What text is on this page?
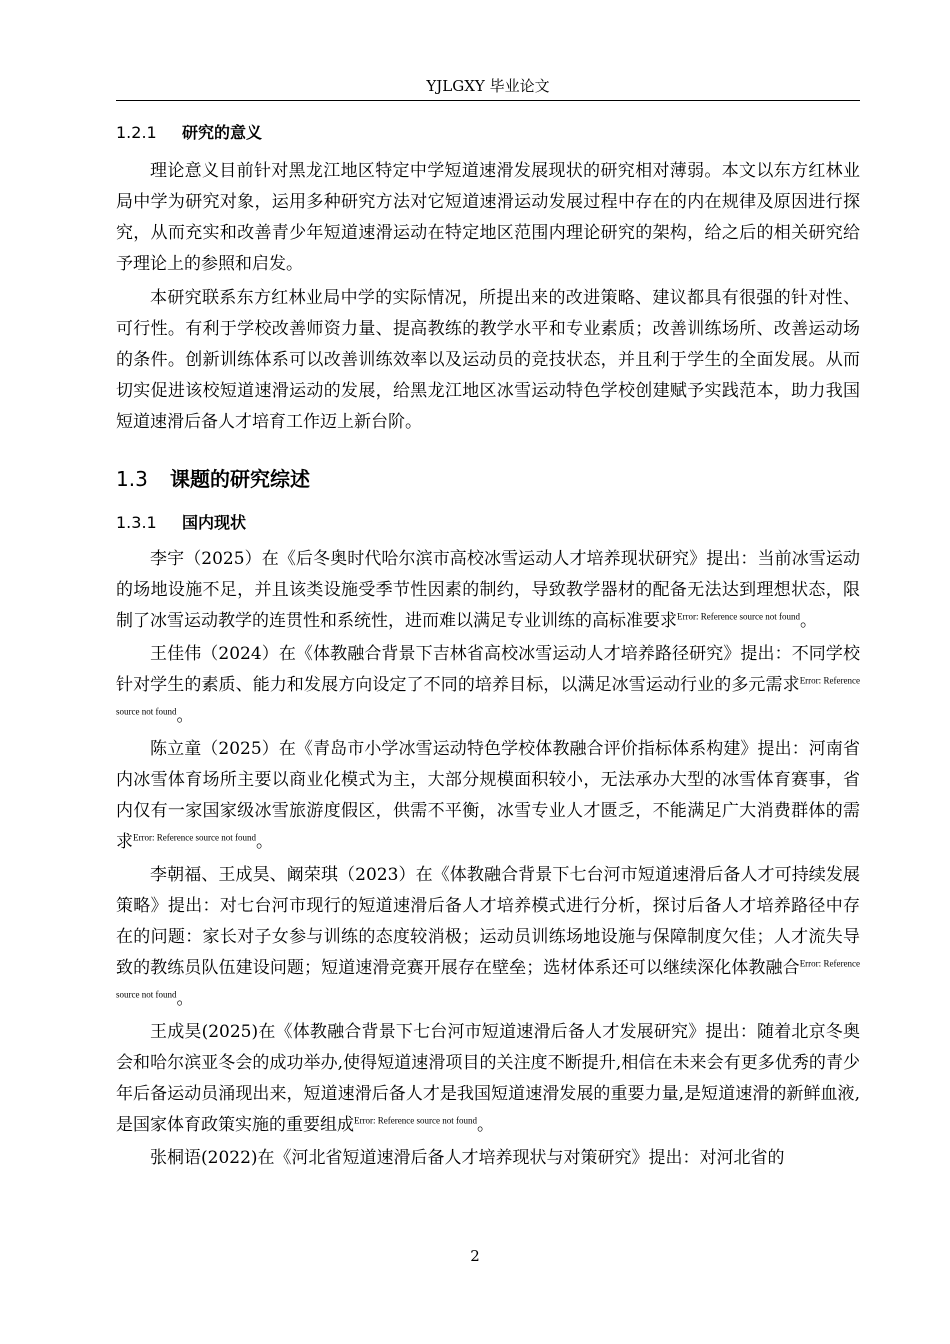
YJLGXY 毕业论文
1.2.1	研究的意义

理论意义目前针对黑龙江地区特定中学短道速滑发展现状的研究相对薄弱。本文以东方红林业局中学为研究对象，运用多种研究方法对它短道速滑运动发展过程中存在的内在规律及原因进行探究，从而充实和改善青少年短道速滑运动在特定地区范围内理论研究的架构，给之后的相关研究给予理论上的参照和启发。

本研究联系东方红林业局中学的实际情况，所提出来的改进策略、建议都具有很强的针对性、可行性。有利于学校改善师资力量、提高教练的教学水平和专业素质；改善训练场所、改善运动场的条件。创新训练体系可以改善训练效率以及运动员的竞技状态，并且利于学生的全面发展。从而切实促进该校短道速滑运动的发展，给黑龙江地区冰雪运动特色学校创建赋予实践范本，助力我国短道速滑后备人才培育工作迈上新台阶。

1.3	课题的研究综述
1.3.1	国内现状

李宇（2025）在《后冬奥时代哈尔滨市高校冰雪运动人才培养现状研究》提出：当前冰雪运动的场地设施不足，并且该类设施受季节性因素的制约，导致教学器材的配备无法达到理想状态，限制了冰雪运动教学的连贯性和系统性，进而难以满足专业训练的高标准要求$^{Error: Reference source not found}$。

王佳伟（2024）在《体教融合背景下吉林省高校冰雪运动人才培养路径研究》提出：不同学校针对学生的素质、能力和发展方向设定了不同的培养目标，以满足冰雪运动行业的多元需求$^{Error: Reference source not found}$。

陈立童（2025）在《青岛市小学冰雪运动特色学校体教融合评价指标体系构建》提出：河南省内冰雪体育场所主要以商业化模式为主，大部分规模面积较小，无法承办大型的冰雪体育赛事，省内仅有一家国家级冰雪旅游度假区，供需不平衡，冰雪专业人才匮乏，不能满足广大消费群体的需求$^{Error: Reference source not found}$。

李朝福、王成昊、阚荣琪（2023）在《体教融合背景下七台河市短道速滑后备人才可持续发展策略》提出：对七台河市现行的短道速滑后备人才培养模式进行分析，探讨后备人才培养路径中存在的问题：家长对子女参与训练的态度较消极；运动员训练场地设施与保障制度欠佳；人才流失导致的教练员队伍建设问题；短道速滑竞赛开展存在壁垒；选材体系还可以继续深化体教融合$^{Error: Reference source not found}$。

王成昊(2025)在《体教融合背景下七台河市短道速滑后备人才发展研究》提出：随着北京冬奥会和哈尔滨亚冬会的成功举办,使得短道速滑项目的关注度不断提升,相信在未来会有更多优秀的青少年后备运动员涌现出来，短道速滑后备人才是我国短道速滑发展的重要力量,是短道速滑的新鲜血液,是国家体育政策实施的重要组成$^{Error: Reference source not found}$。

张桐语(2022)在《河北省短道速滑后备人才培养现状与对策研究》提出：对河北省的

2
